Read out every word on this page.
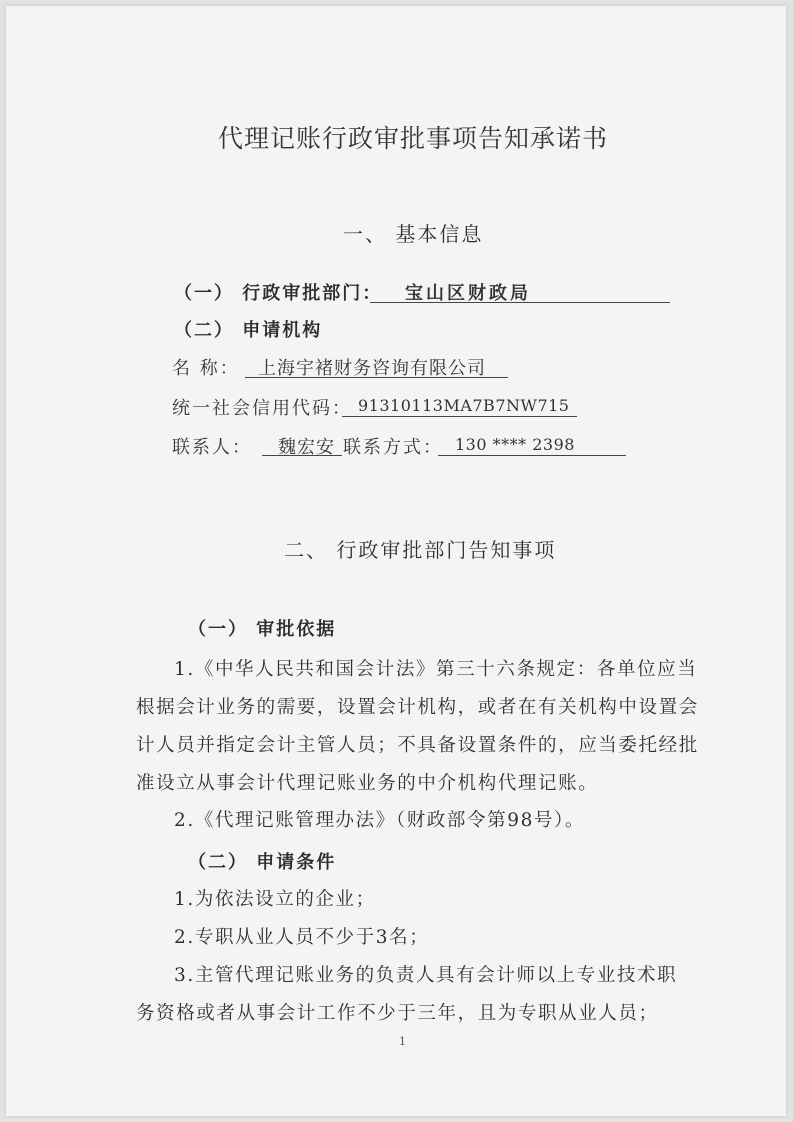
代理记账行政审批事项告知承诺书
一、 基本信息
（一） 行政审批部门： 宝山区财政局
（二） 申请机构
名 称： 上海宇褚财务咨询有限公司
统一社会信用代码： 91310113MA7B7NW715
联系人： 魏宏安 联系方式： 130 **** 2398
二、 行政审批部门告知事项
（一） 审批依据
1.《中华人民共和国会计法》第三十六条规定：各单位应当
根据会计业务的需要，设置会计机构，或者在有关机构中设置会
计人员并指定会计主管人员；不具备设置条件的，应当委托经批
准设立从事会计代理记账业务的中介机构代理记账。
2.《代理记账管理办法》（财政部令第98号）。
（二） 申请条件
1.为依法设立的企业；
2.专职从业人员不少于3名；
3.主管代理记账业务的负责人具有会计师以上专业技术职
务资格或者从事会计工作不少于三年，且为专职从业人员；
1
